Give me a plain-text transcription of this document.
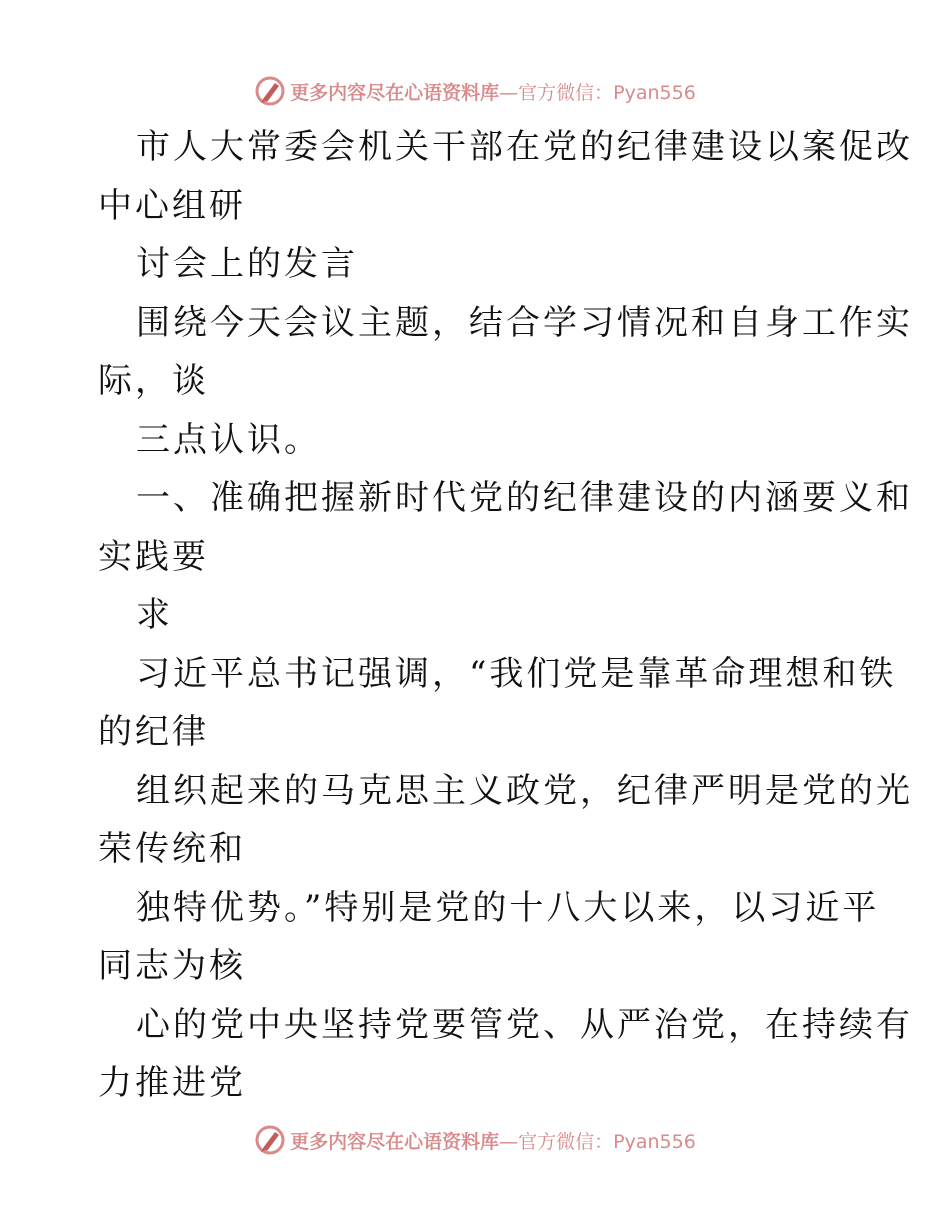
更多内容尽在心语资料库 —官方微信：Pyan556
市人大常委会机关干部在党的纪律建设以案促改
中心组研
讨会上的发言
围绕今天会议主题，结合学习情况和自身工作实
际，谈
三点认识。
一、准确把握新时代党的纪律建设的内涵要义和
实践要
求
习近平总书记强调，“我们党是靠革命理想和铁
的纪律
组织起来的马克思主义政党，纪律严明是党的光
荣传统和
独特优势。”特别是党的十八大以来，以习近平
同志为核
心的党中央坚持党要管党、从严治党，在持续有
力推进党
更多内容尽在心语资料库 —官方微信：Pyan556
